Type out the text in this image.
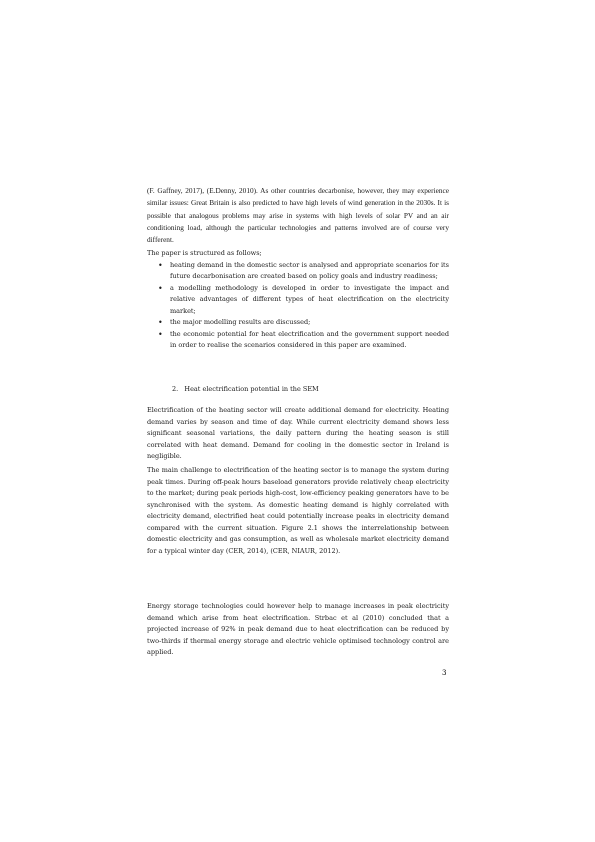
(F. Gaffney, 2017), (E.Denny, 2010). As other countries decarbonise, however, they may experience similar issues: Great Britain is also predicted to have high levels of wind generation in the 2030s. It is possible that analogous problems may arise in systems with high levels of solar PV and an air conditioning load, although the particular technologies and patterns involved are of course very different.

The paper is structured as follows;

• heating demand in the domestic sector is analysed and appropriate scenarios for its future decarbonisation are created based on policy goals and industry readiness;
• a modelling methodology is developed in order to investigate the impact and relative advantages of different types of heat electrification on the electricity market;
• the major modelling results are discussed;
• the economic potential for heat electrification and the government support needed in order to realise the scenarios considered in this paper are examined.

2.   Heat electrification potential in the SEM

Electrification of the heating sector will create additional demand for electricity. Heating demand varies by season and time of day. While current electricity demand shows less significant seasonal variations, the daily pattern during the heating season is still correlated with heat demand. Demand for cooling in the domestic sector in Ireland is negligible.

The main challenge to electrification of the heating sector is to manage the system during peak times. During off-peak hours baseload generators provide relatively cheap electricity to the market; during peak periods high-cost, low-efficiency peaking generators have to be synchronised with the system. As domestic heating demand is highly correlated with electricity demand, electrified heat could potentially increase peaks in electricity demand compared with the current situation. Figure 2.1 shows the interrelationship between domestic electricity and gas consumption, as well as wholesale market electricity demand for a typical winter day (CER, 2014), (CER, NIAUR, 2012).

Energy storage technologies could however help to manage increases in peak electricity demand which arise from heat electrification. Strbac et al (2010) concluded that a projected increase of 92% in peak demand due to heat electrification can be reduced by two-thirds if thermal energy storage and electric vehicle optimised technology control are applied.

3
